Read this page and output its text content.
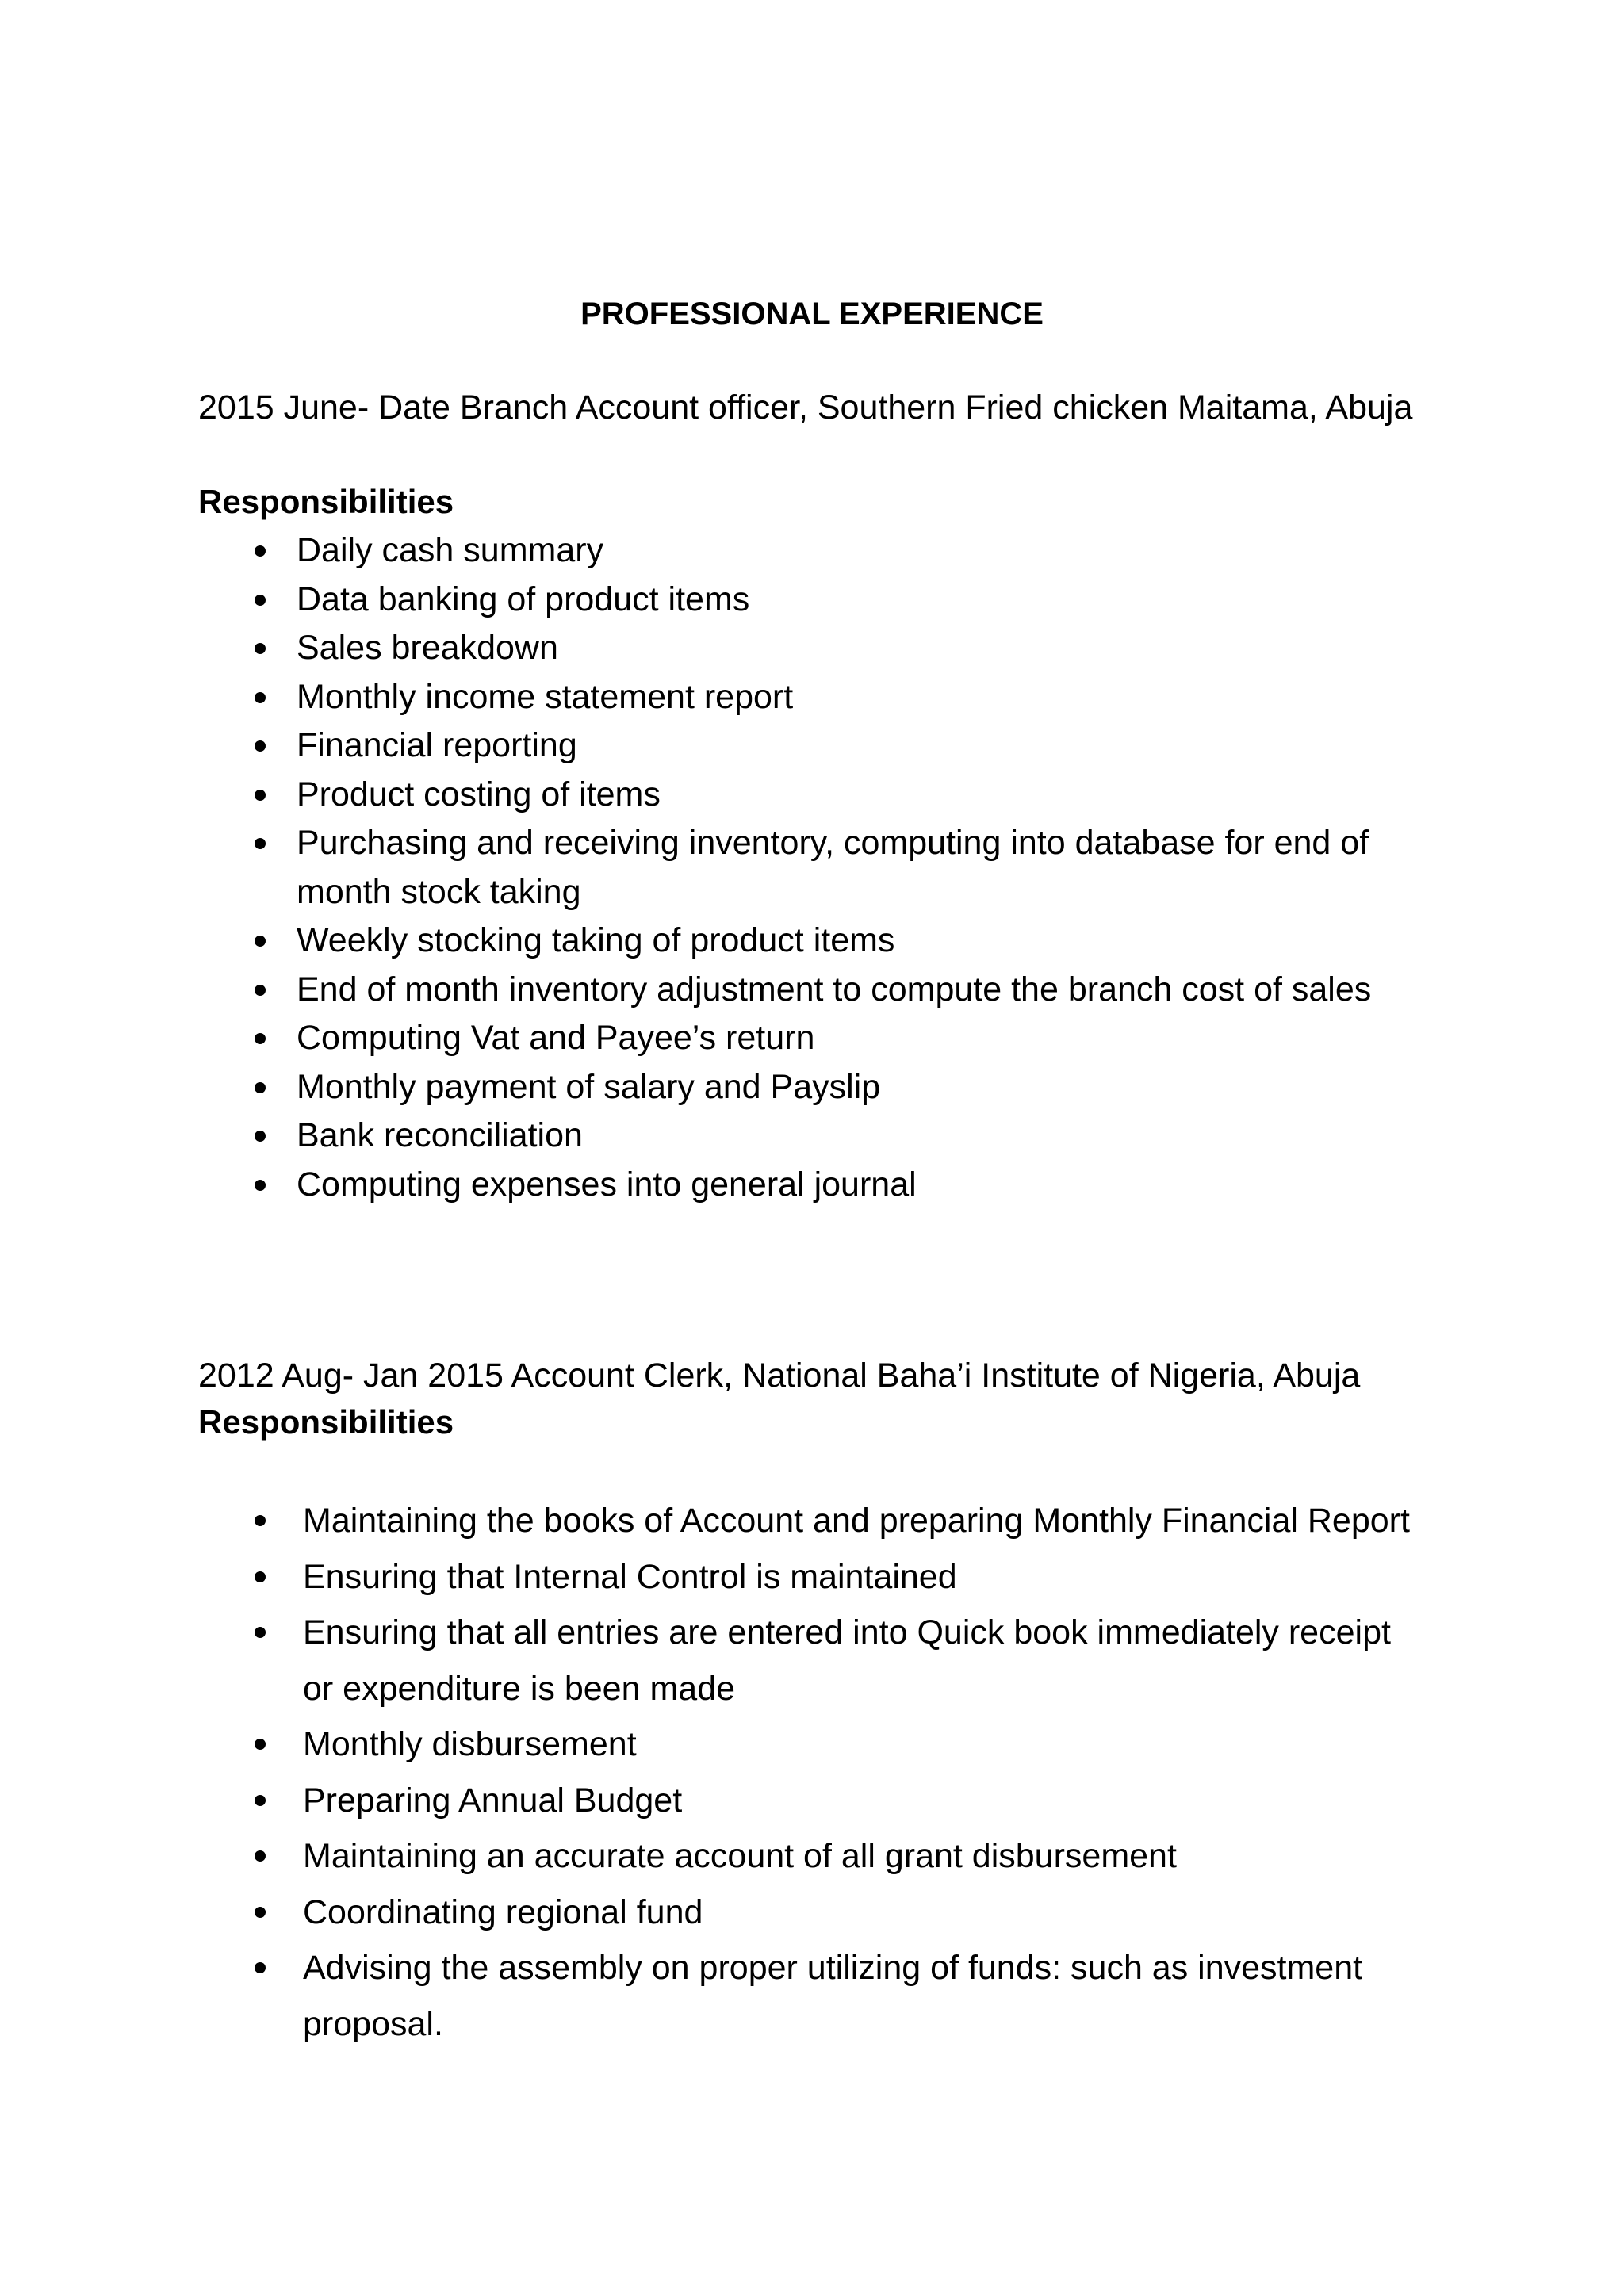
PROFESSIONAL EXPERIENCE
2015 June- Date Branch Account officer, Southern Fried chicken Maitama, Abuja
Responsibilities
Daily cash summary
Data banking of product items
Sales breakdown
Monthly income statement report
Financial reporting
Product costing of items
Purchasing and receiving inventory, computing into database for end of month stock taking
Weekly stocking taking of product items
End of month inventory adjustment to compute the branch cost of sales
Computing Vat and Payee’s return
Monthly payment of salary and Payslip
Bank reconciliation
Computing expenses into general journal
2012 Aug- Jan 2015 Account Clerk, National Baha’i Institute of Nigeria, Abuja
Responsibilities
Maintaining the books of Account and preparing Monthly Financial Report
Ensuring that Internal Control is maintained
Ensuring that all entries are entered into Quick book immediately receipt or expenditure is been made
Monthly disbursement
Preparing Annual Budget
Maintaining an accurate account of all grant disbursement
Coordinating regional fund
Advising the assembly on proper utilizing of funds: such as investment proposal.
